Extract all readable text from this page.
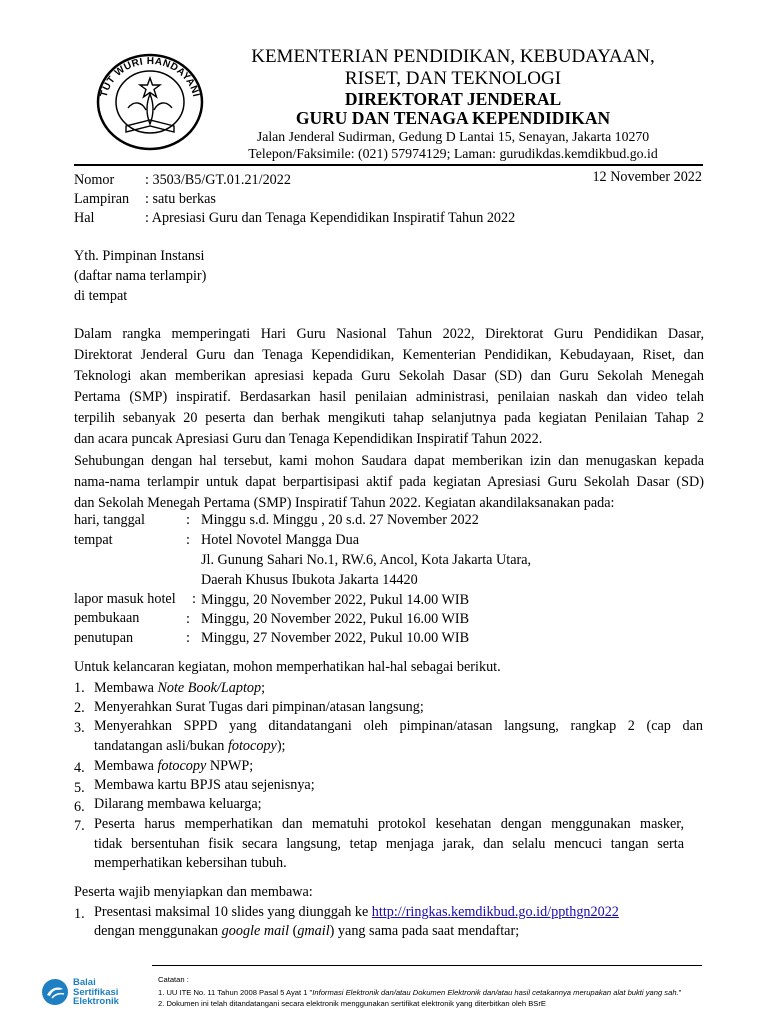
TUT WURI HANDAYANI
KEMENTERIAN PENDIDIKAN, KEBUDAYAAN,
RISET, DAN TEKNOLOGI
DIREKTORAT JENDERAL
GURU DAN TENAGA KEPENDIDIKAN
Jalan Jenderal Sudirman, Gedung D Lantai 15, Senayan, Jakarta 10270
Telepon/Faksimile: (021) 57974129; Laman: gurudikdas.kemdikbud.go.id
Nomor : 3503/B5/GT.01.21/2022	12 November 2022
Lampiran : satu berkas
Hal	: Apresiasi Guru dan Tenaga Kependidikan Inspiratif Tahun 2022
Yth. Pimpinan Instansi
(daftar nama terlampir)
di tempat
Dalam rangka memperingati Hari Guru Nasional Tahun 2022, Direktorat Guru Pendidikan Dasar,
Direktorat Jenderal Guru dan Tenaga Kependidikan, Kementerian Pendidikan, Kebudayaan, Riset, dan
Teknologi akan memberikan apresiasi kepada Guru Sekolah Dasar (SD) dan Guru Sekolah Menegah
Pertama (SMP) inspiratif. Berdasarkan hasil penilaian administrasi, penilaian naskah dan video telah
terpilih sebanyak 20 peserta dan berhak mengikuti tahap selanjutnya pada kegiatan Penilaian Tahap 2
dan acara puncak Apresiasi Guru dan Tenaga Kependidikan Inspiratif Tahun 2022.
Sehubungan dengan hal tersebut, kami mohon Saudara dapat memberikan izin dan menugaskan kepada
nama-nama terlampir untuk dapat berpartisipasi aktif pada kegiatan Apresiasi Guru Sekolah Dasar (SD)
dan Sekolah Menegah Pertama (SMP) Inspiratif Tahun 2022. Kegiatan akandilaksanakan pada:
hari, tanggal	: Minggu s.d. Minggu , 20 s.d. 27 November 2022
tempat	: Hotel Novotel Mangga Dua
Jl. Gunung Sahari No.1, RW.6, Ancol, Kota Jakarta Utara,
Daerah Khusus Ibukota Jakarta 14420
lapor masuk hotel : Minggu, 20 November 2022, Pukul 14.00 WIB
pembukaan	: Minggu, 20 November 2022, Pukul 16.00 WIB
penutupan	: Minggu, 27 November 2022, Pukul 10.00 WIB
Untuk kelancaran kegiatan, mohon memperhatikan hal-hal sebagai berikut.
1. Membawa Note Book/Laptop;
2. Menyerahkan Surat Tugas dari pimpinan/atasan langsung;
3. Menyerahkan SPPD yang ditandatangani oleh pimpinan/atasan langsung, rangkap 2 (cap dan
tandatangan asli/bukan fotocopy);
4. Membawa fotocopy NPWP;
5. Membawa kartu BPJS atau sejenisnya;
6. Dilarang membawa keluarga;
7. Peserta harus memperhatikan dan mematuhi protokol kesehatan dengan menggunakan masker,
tidak bersentuhan fisik secara langsung, tetap menjaga jarak, dan selalu mencuci tangan serta
memperhatikan kebersihan tubuh.
Peserta wajib menyiapkan dan membawa:
1. Presentasi maksimal 10 slides yang diunggah ke http://ringkas.kemdikbud.go.id/ppthgn2022
dengan menggunakan google mail (gmail) yang sama pada saat mendaftar;
Balai
Sertifikasi
Elektronik
Catatan :
1. UU ITE No. 11 Tahun 2008 Pasal 5 Ayat 1 "Informasi Elektronik dan/atau Dokumen Elektronik dan/atau hasil cetakannya merupakan alat bukti yang sah."
2. Dokumen ini telah ditandatangani secara elektronik menggunakan sertifikat elektronik yang diterbitkan oleh BSrE
